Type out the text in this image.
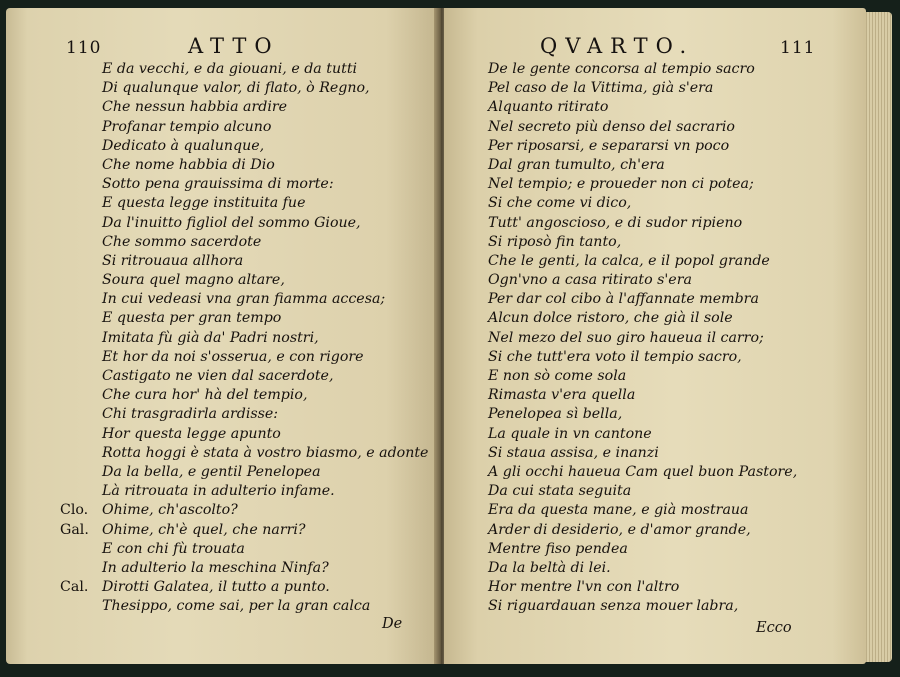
110	ATTO
E da vecchi, e da giouani, e da tutti
Di qualunque valor, di flato, ò Regno,
Che nessun habbia ardire
Profanar tempio alcuno
Dedicato à qualunque,
Che nome habbia di Dio
Sotto pena grauissima di morte:
E questa legge instituita fue
Da l'inuitto figliol del sommo Gioue,
Che sommo sacerdote
Si ritrouaua allhora
Soura quel magno altare,
In cui vedeasi vna gran fiamma accesa;
E questa per gran tempo
Imitata fù già da' Padri nostri,
Et hor da noi s'osserua, e con rigore
Castigato ne vien dal sacerdote,
Che cura hor' hà del tempio,
Chi trasgradirla ardisse:
Hor questa legge apunto
Rotta hoggi è stata à vostro biasmo, e adonte
Da la bella, e gentil Penelopea
Là ritrouata in adulterio infame.
Clo. Ohime, ch'ascolto?
Gal. Ohime, ch'è quel, che narri?
E con chi fù trouata
In adulterio la meschina Ninfa?
Cal. Dirotti Galatea, il tutto a punto.
Thesippo, come sai, per la gran calca
De
QVARTO.	111
De le gente concorsa al tempio sacro
Pel caso de la Vittima, già s'era
Alquanto ritirato
Nel secreto più denso del sacrario
Per riposarsi, e separarsi vn poco
Dal gran tumulto, ch'era
Nel tempio; e proueder non ci potea;
Si che come vi dico,
Tutt' angoscioso, e di sudor ripieno
Si riposò fin tanto,
Che le genti, la calca, e il popol grande
Ogn'vno a casa ritirato s'era
Per dar col cibo à l'affannate membra
Alcun dolce ristoro, che già il sole
Nel mezo del suo giro haueua il carro;
Si che tutt'era voto il tempio sacro,
E non sò come sola
Rimasta v'era quella
Penelopea sì bella,
La quale in vn cantone
Si staua assisa, e inanzi
A gli occhi haueua Cam quel buon Pastore,
Da cui stata seguita
Era da questa mane, e già mostraua
Arder di desiderio, e d'amor grande,
Mentre fiso pendea
Da la beltà di lei.
Hor mentre l'vn con l'altro
Si riguardauan senza mouer labra,
Ecco
